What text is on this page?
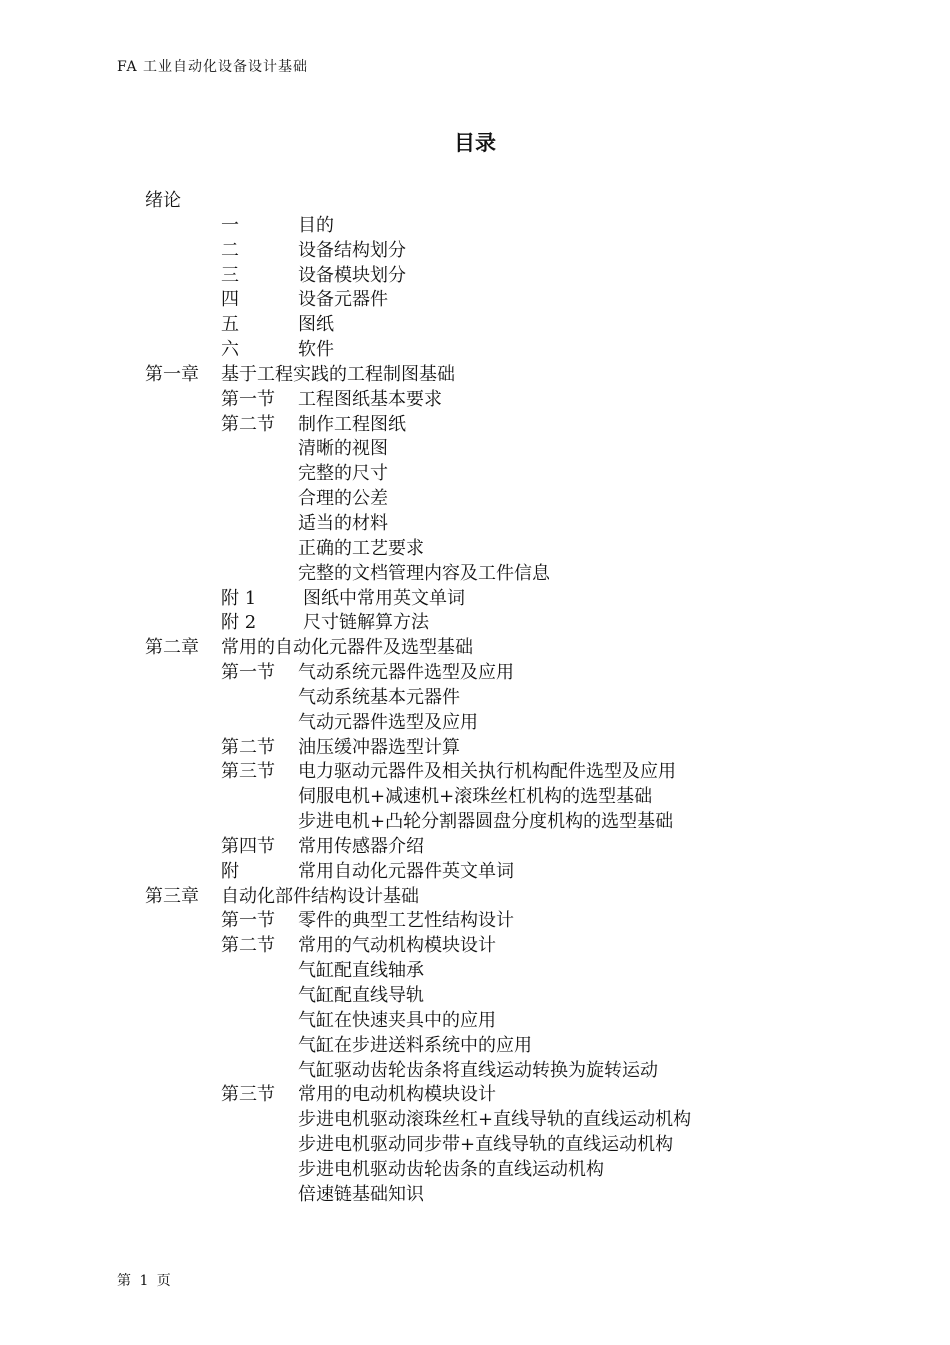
FA 工业自动化设备设计基础
目录
绪论
一	目的
二	设备结构划分
三	设备模块划分
四	设备元器件
五	图纸
六	软件
第一章 基于工程实践的工程制图基础
第一节 工程图纸基本要求
第二节 制作工程图纸
清晰的视图
完整的尺寸
合理的公差
适当的材料
正确的工艺要求
完整的文档管理内容及工件信息
附 1	图纸中常用英文单词
附 2	尺寸链解算方法
第二章 常用的自动化元器件及选型基础
第一节 气动系统元器件选型及应用
气动系统基本元器件
气动元器件选型及应用
第二节 油压缓冲器选型计算
第三节 电力驱动元器件及相关执行机构配件选型及应用
伺服电机+减速机+滚珠丝杠机构的选型基础
步进电机+凸轮分割器圆盘分度机构的选型基础
第四节 常用传感器介绍
附	常用自动化元器件英文单词
第三章 自动化部件结构设计基础
第一节 零件的典型工艺性结构设计
第二节 常用的气动机构模块设计
气缸配直线轴承
气缸配直线导轨
气缸在快速夹具中的应用
气缸在步进送料系统中的应用
气缸驱动齿轮齿条将直线运动转换为旋转运动
第三节 常用的电动机构模块设计
步进电机驱动滚珠丝杠+直线导轨的直线运动机构
步进电机驱动同步带+直线导轨的直线运动机构
步进电机驱动齿轮齿条的直线运动机构
倍速链基础知识
第 1 页
